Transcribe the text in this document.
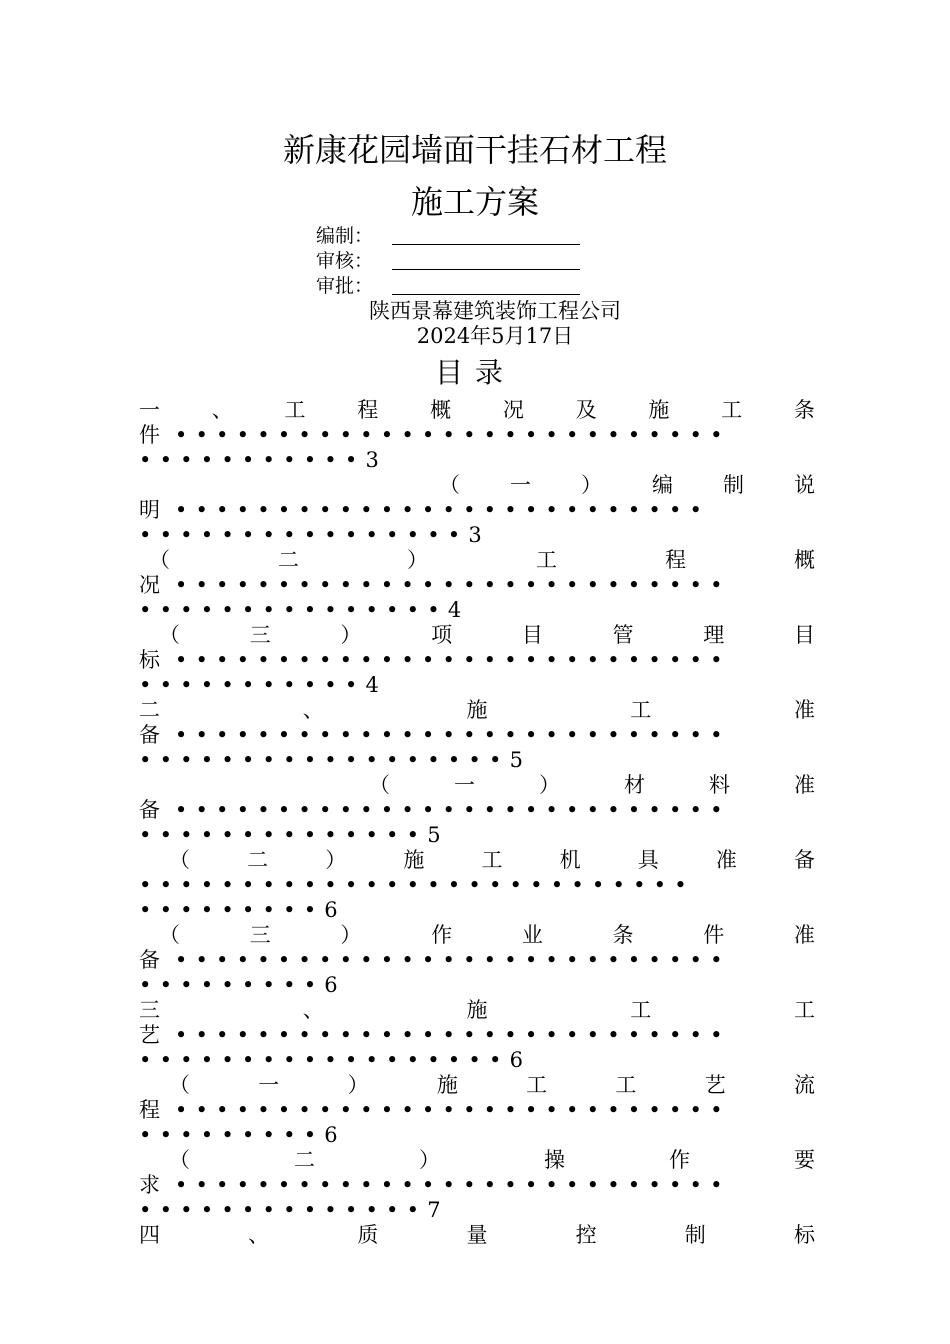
新康花园墙面干挂石材工程
施工方案
编制：
审核：
审批：
陕西景幕建筑装饰工程公司
2024年5月17日
目录
一 、 工 程 概 况 及 施 工 条
件 •••••••••••••••••••••••••••
•••••••••••3
（ 一 ） 编 制 说
明 ••••••••••••••••••••••••••
••••••••••••••••3
（	二	）	工	程	概
况 •••••••••••••••••••••••••••
•••••••••••••••4
（	三	）	项	目	管	理	目
标 •••••••••••••••••••••••••••
•••••••••••4
二	、	施	工	准
备 •••••••••••••••••••••••••••
••••••••••••••••••5
（	一	）	材	料	准
备 •••••••••••••••••••••••••••
••••••••••••••5
（	二	）	施	工	机	具	准	备
•••••••••••••••••••••••••••
•••••••••6
（	三	）	作	业	条	件	准
备 •••••••••••••••••••••••••••
•••••••••6
三	、	施	工	工
艺 •••••••••••••••••••••••••••
••••••••••••••••••6
（	一	）	施	工	工	艺	流
程 •••••••••••••••••••••••••••
•••••••••6
（	二	）	操	作	要
求 •••••••••••••••••••••••••••
••••••••••••••7
四	、	质	量	控	制	标
